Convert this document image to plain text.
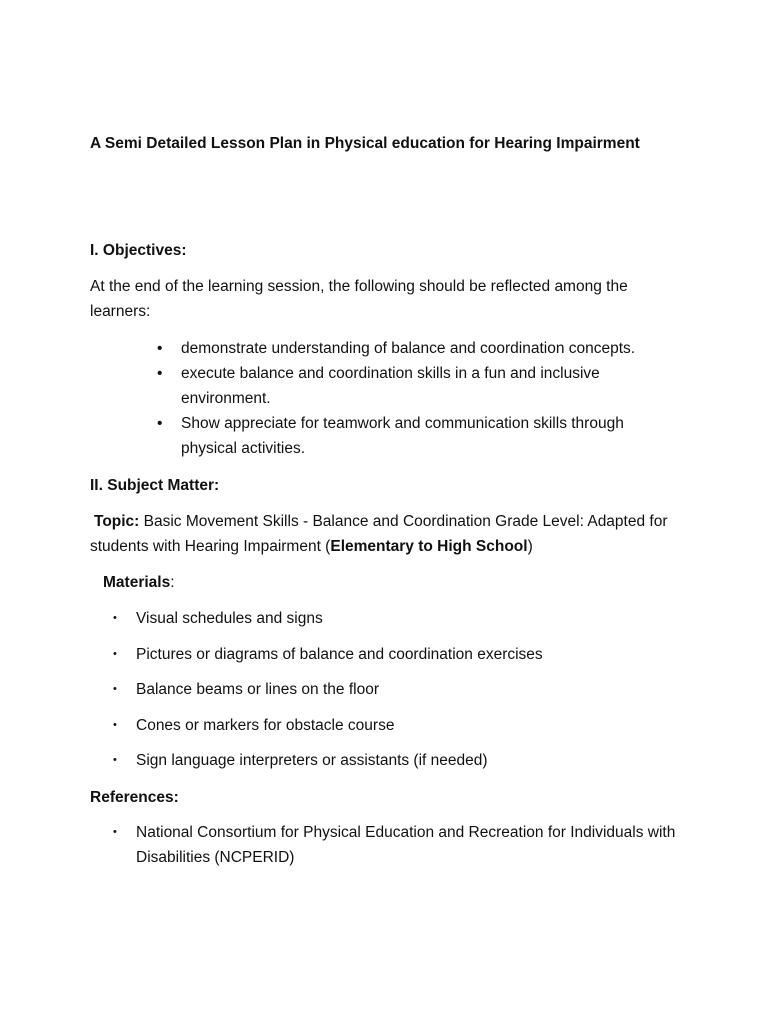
A Semi Detailed Lesson Plan in Physical education for Hearing Impairment
I. Objectives:
At the end of the learning session, the following should be reflected among the learners:
• demonstrate understanding of balance and coordination concepts.
• execute balance and coordination skills in a fun and inclusive environment.
• Show appreciate for teamwork and communication skills through physical activities.
II. Subject Matter:
Topic: Basic Movement Skills - Balance and Coordination Grade Level: Adapted for students with Hearing Impairment (Elementary to High School)
Materials:
• Visual schedules and signs
• Pictures or diagrams of balance and coordination exercises
• Balance beams or lines on the floor
• Cones or markers for obstacle course
• Sign language interpreters or assistants (if needed)
References:
• National Consortium for Physical Education and Recreation for Individuals with Disabilities (NCPERID)
